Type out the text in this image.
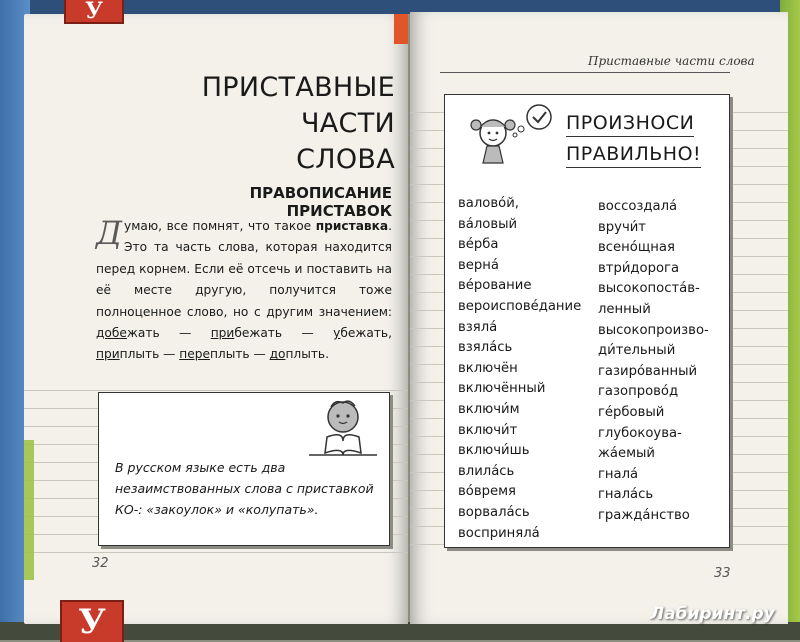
У
ПРИСТАВНЫЕ ЧАСТИ
СЛОВА
ПРАВОПИСАНИЕ ПРИСТАВОК
Думаю, все помнят, что такое приставка. Это та часть слова, которая находится перед корнем. Если её отсечь и поставить на её месте другую, получится тоже полноценное слово, но с другим значением: добежать — прибежать — убежать, приплыть — переплыть — доплыть.
В русском языке есть два незаимствованных слова с приставкой КО-: «закоулок» и «колупать».
32
Приставные части слова
ПРОИЗНОСИ
ПРАВИЛЬНО!
валово́й,
ва́ловый
ве́рба
верна́
ве́рование
вероиспове́дание
взяла́
взяла́сь
включён
включённый
включи́м
включи́т
включи́шь
влила́сь
во́время
ворвала́сь
восприняла́
воссоздала́
вручи́т
всено́щная
втри́дорога
высокопоста́в-
ленный
высокопроизво-
ди́тельный
газиро́ванный
газопрово́д
ге́рбовый
глубокоува-
жа́емый
гнала́
гнала́сь
гражда́нство
33
У	Лабиринт.ру
